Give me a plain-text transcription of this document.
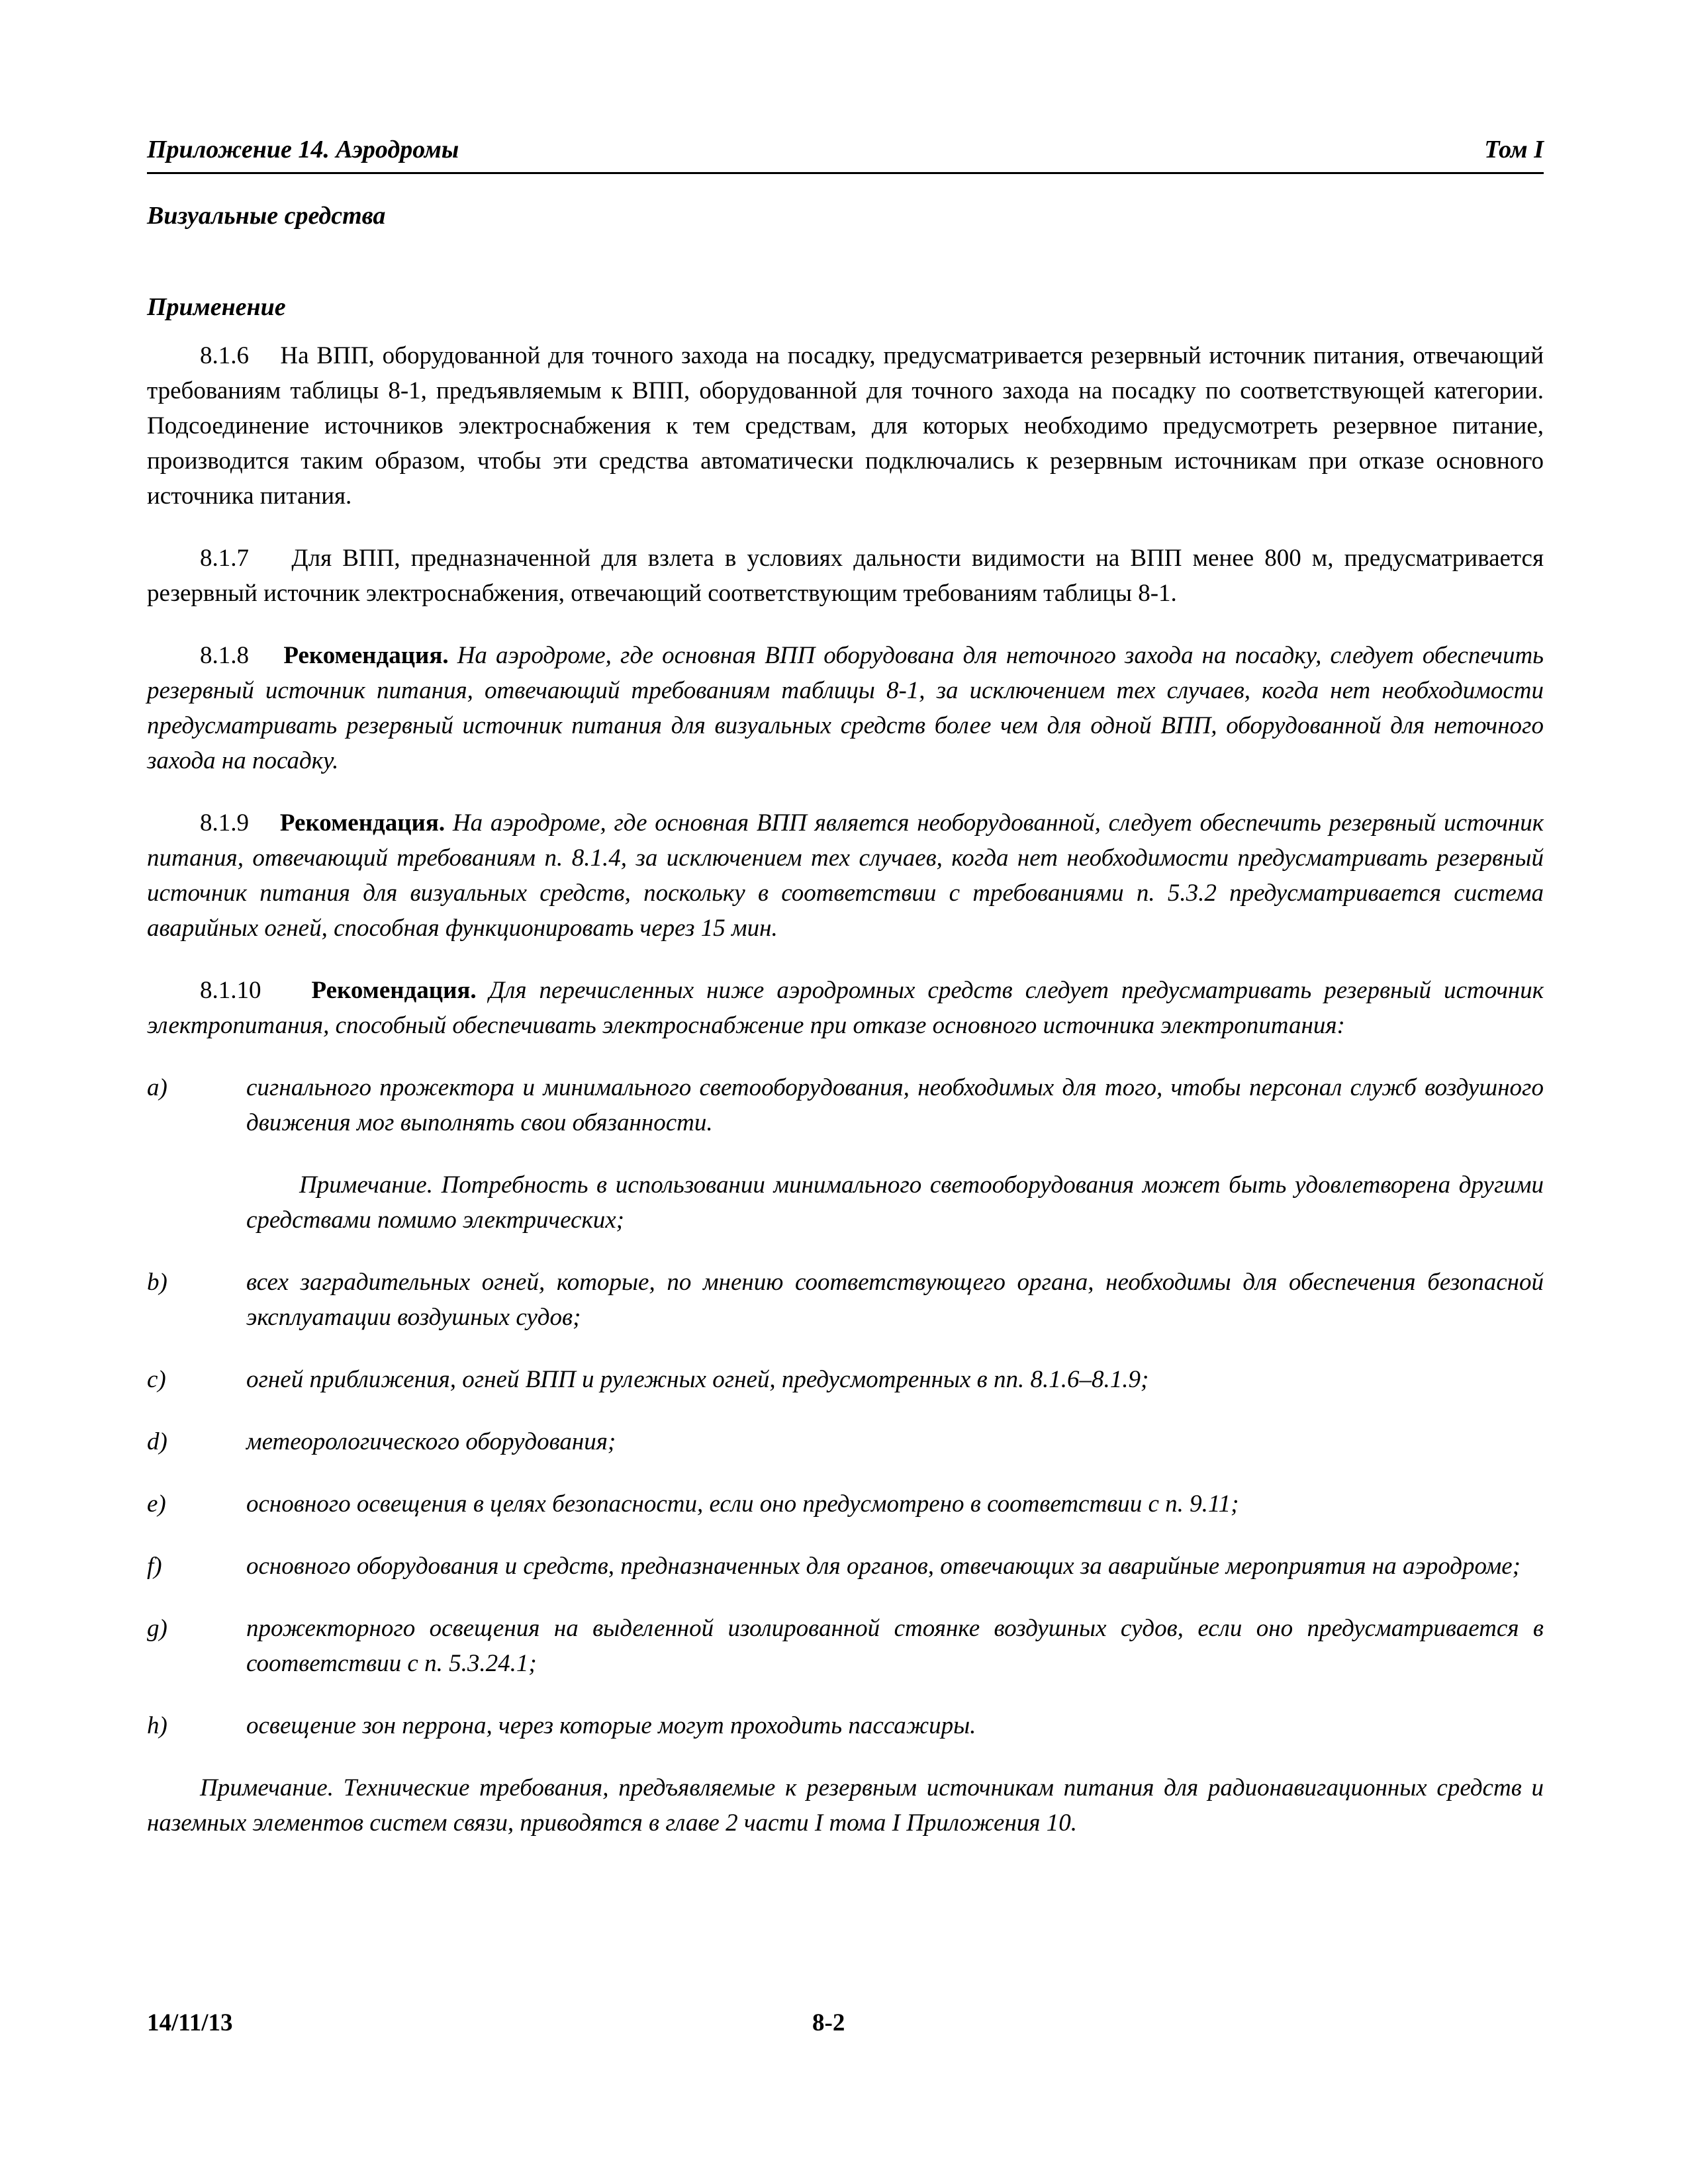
Приложение 14. Аэродромы	Том I

Визуальные средства

Применение

8.1.6 На ВПП, оборудованной для точного захода на посадку, предусматривается резервный источник питания, отвечающий требованиям таблицы 8-1, предъявляемым к ВПП, оборудованной для точного захода на посадку по соответствующей категории. Подсоединение источников электроснабжения к тем средствам, для которых необходимо предусмотреть резервное питание, производится таким образом, чтобы эти средства автоматически подключались к резервным источникам при отказе основного источника питания.

8.1.7 Для ВПП, предназначенной для взлета в условиях дальности видимости на ВПП менее 800 м, предусматривается резервный источник электроснабжения, отвечающий соответствующим требованиям таблицы 8-1.

8.1.8 Рекомендация. На аэродроме, где основная ВПП оборудована для неточного захода на посадку, следует обеспечить резервный источник питания, отвечающий требованиям таблицы 8-1, за исключением тех случаев, когда нет необходимости предусматривать резервный источник питания для визуальных средств более чем для одной ВПП, оборудованной для неточного захода на посадку.

8.1.9 Рекомендация. На аэродроме, где основная ВПП является необорудованной, следует обеспечить резервный источник питания, отвечающий требованиям п. 8.1.4, за исключением тех случаев, когда нет необходимости предусматривать резервный источник питания для визуальных средств, поскольку в соответствии с требованиями п. 5.3.2 предусматривается система аварийных огней, способная функционировать через 15 мин.

8.1.10 Рекомендация. Для перечисленных ниже аэродромных средств следует предусматривать резервный источник электропитания, способный обеспечивать электроснабжение при отказе основного источника электропитания:

a)	сигнального прожектора и минимального светооборудования, необходимых для того, чтобы персонал служб воздушного движения мог выполнять свои обязанности.

Примечание. Потребность в использовании минимального светооборудования может быть удовлетворена другими средствами помимо электрических;

b)	всех заградительных огней, которые, по мнению соответствующего органа, необходимы для обеспечения безопасной эксплуатации воздушных судов;
c)	огней приближения, огней ВПП и рулежных огней, предусмотренных в пп. 8.1.6–8.1.9;
d)	метеорологического оборудования;
e)	основного освещения в целях безопасности, если оно предусмотрено в соответствии с п. 9.11;
f)	основного оборудования и средств, предназначенных для органов, отвечающих за аварийные мероприятия на аэродроме;
g)	прожекторного освещения на выделенной изолированной стоянке воздушных судов, если оно предусматривается в соответствии с п. 5.3.24.1;
h)	освещение зон перрона, через которые могут проходить пассажиры.

Примечание. Технические требования, предъявляемые к резервным источникам питания для радионавигационных средств и наземных элементов систем связи, приводятся в главе 2 части I тома I Приложения 10.

14/11/13	8-2
